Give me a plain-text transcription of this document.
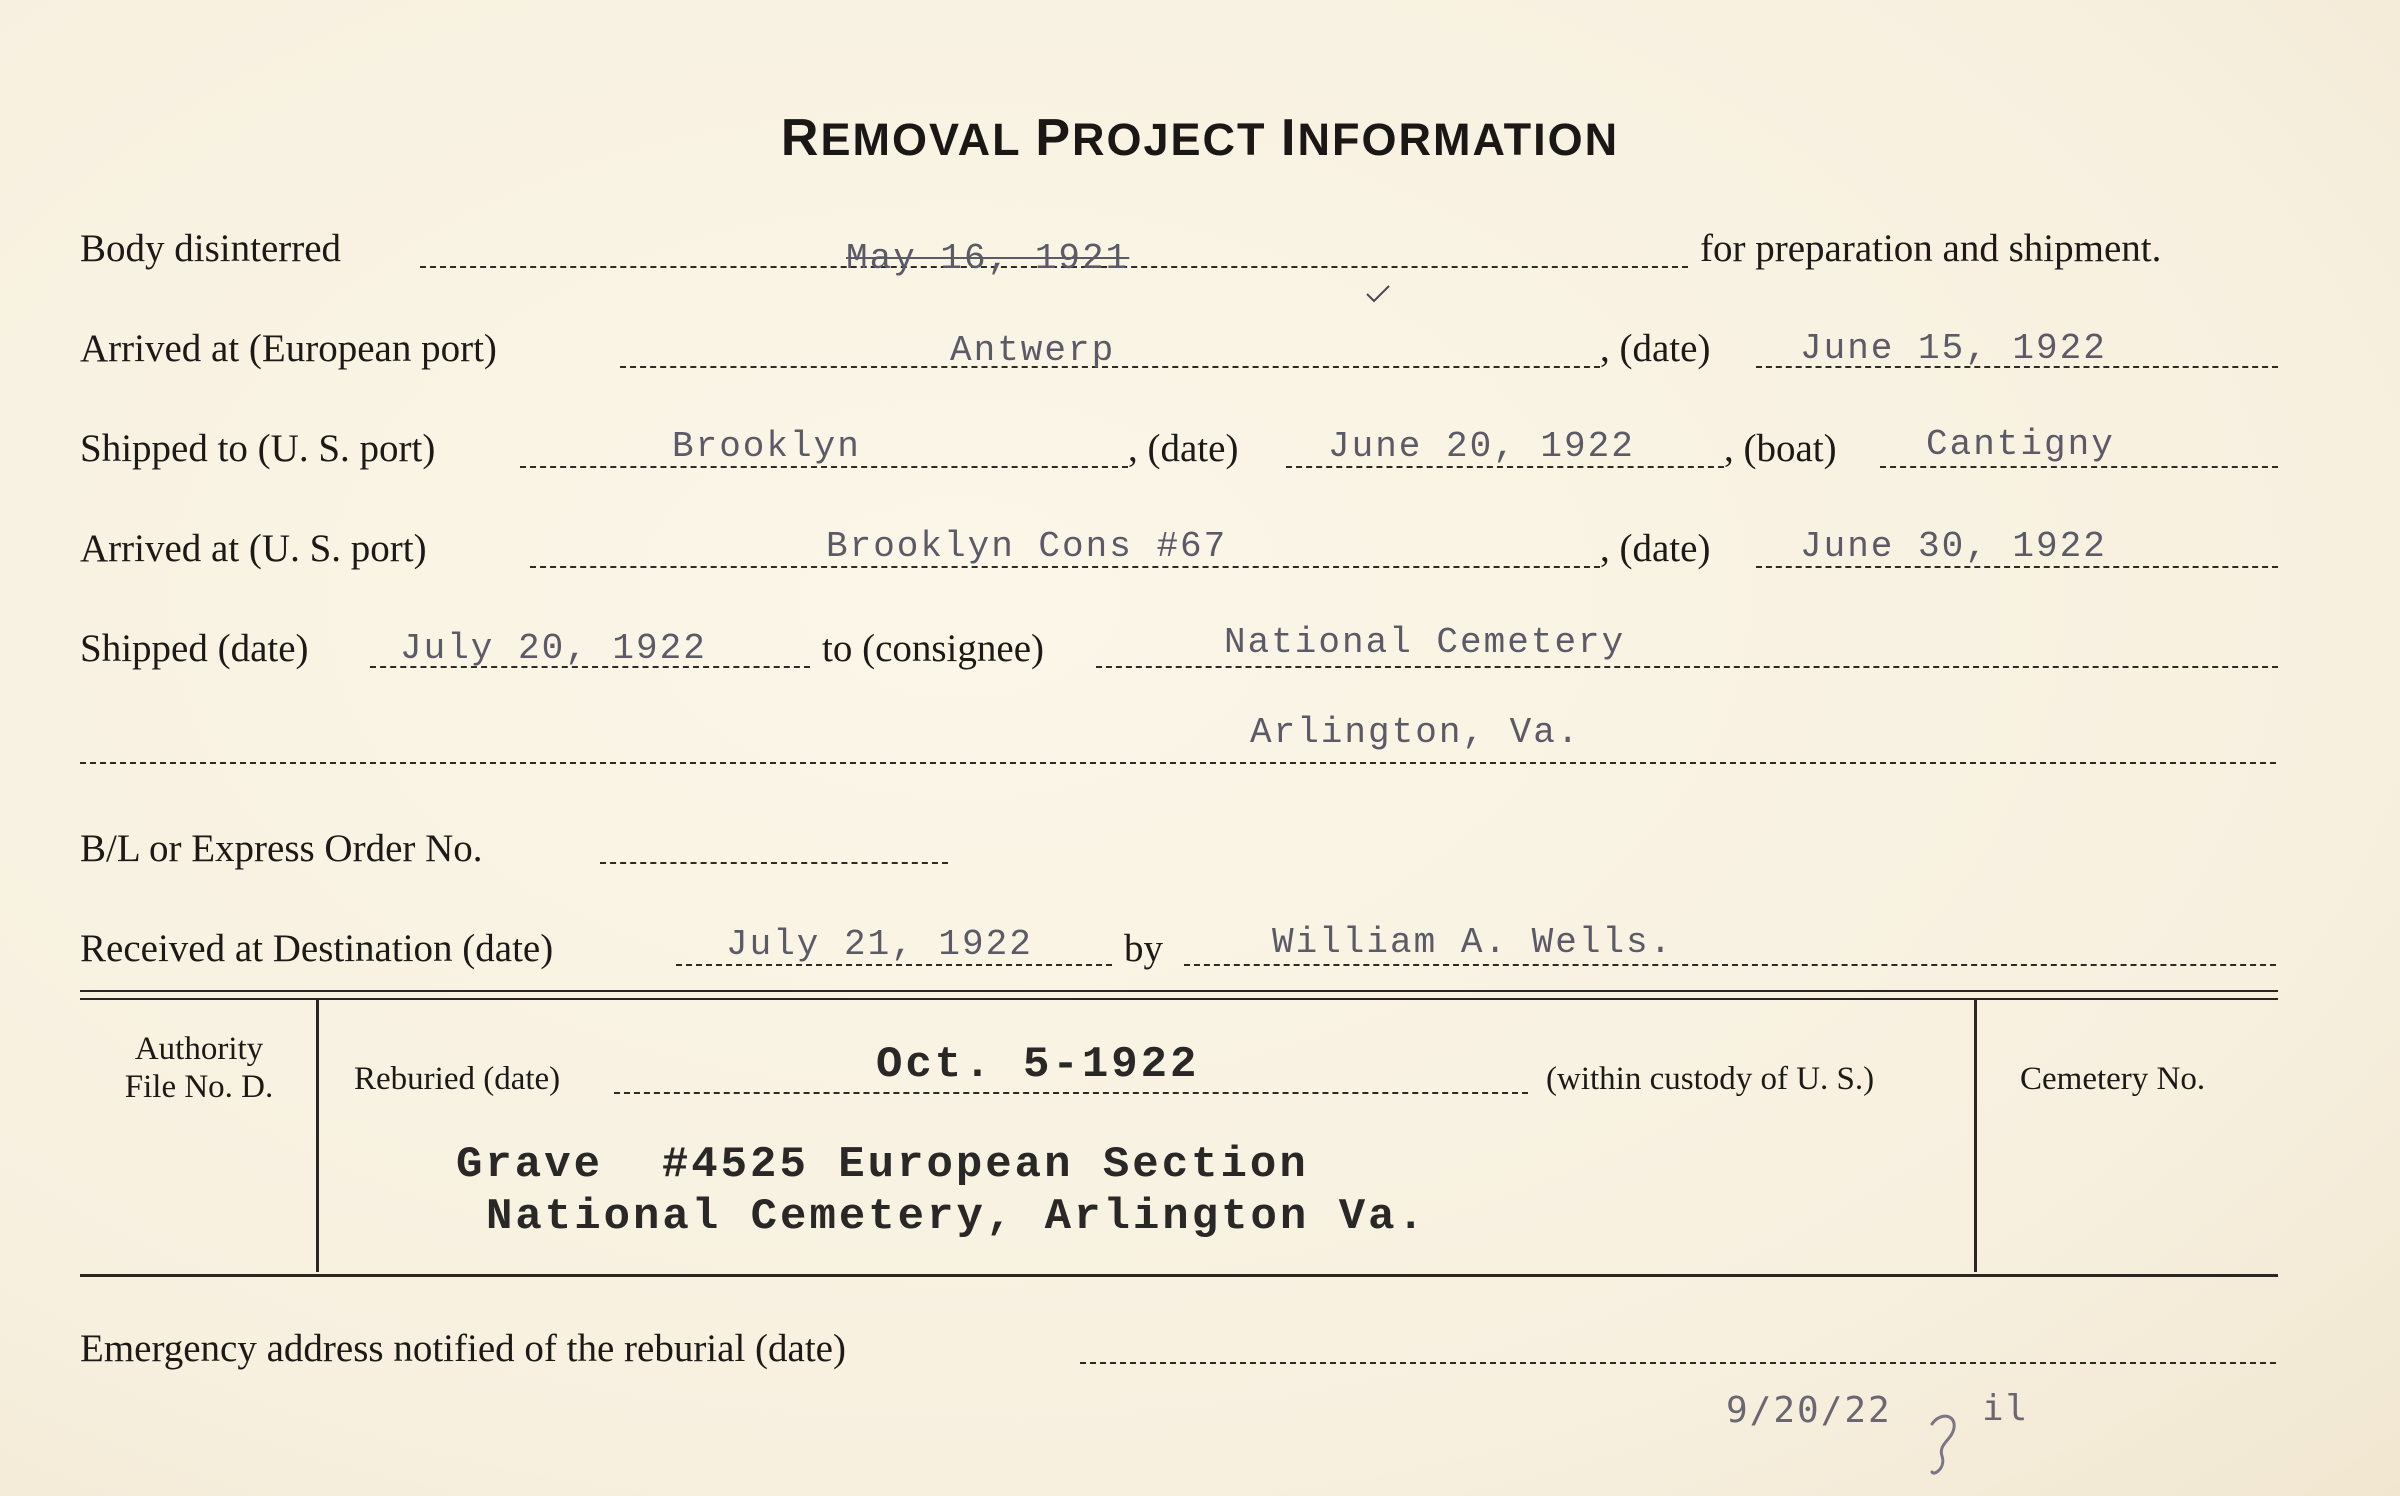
REMOVAL PROJECT INFORMATION
Body disinterred	May 16, 1921	for preparation and shipment.
Arrived at (European port)	Antwerp	, (date) June 15, 1922
Shipped to (U. S. port)	Brooklyn	, (date) June 20, 1922 , (boat) Cantigny
Arrived at (U. S. port)	Brooklyn Cons #67	, (date) June 30, 1922
Shipped (date)	July 20, 1922	to (consignee)	National Cemetery
Arlington, Va.
B/L or Express Order No.
Received at Destination (date)	July 21, 1922 by	William A. Wells.
Authority
File No. D.	Reburied (date)	Oct. 5-1922	(within custody of U. S.)	Cemetery No.
Grave  #4525 European Section
National Cemetery, Arlington Va.
Emergency address notified of the reburial (date)
9/20/22	il
